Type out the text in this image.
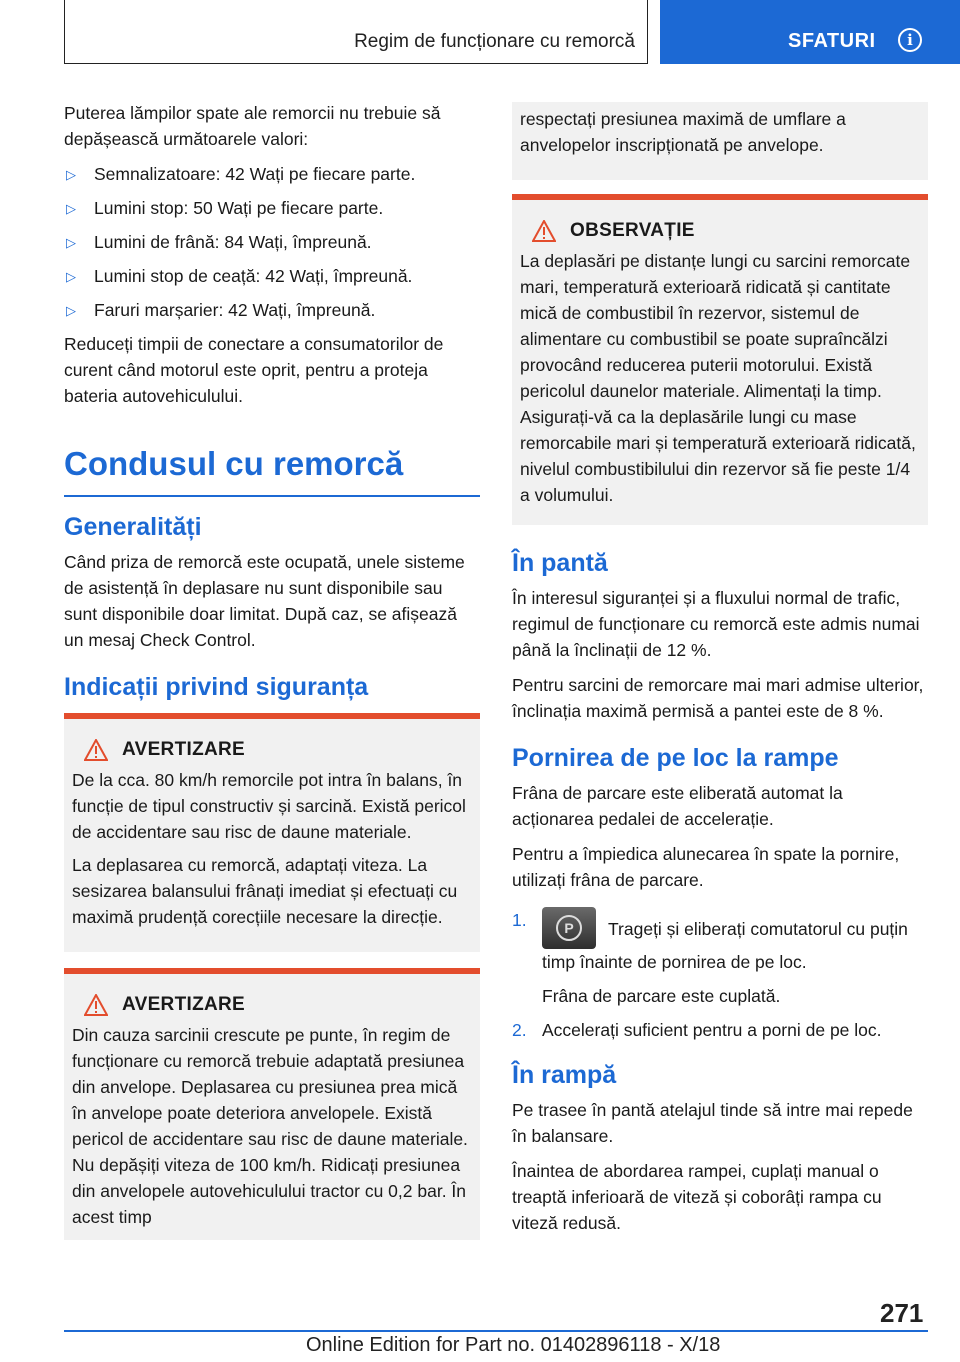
Regim de funcționare cu remorcă	SFATURI	i

Puterea lămpilor spate ale remorcii nu trebuie să depășească următoarele valori:

▷ Semnalizatoare: 42 Wați pe fiecare parte.
▷ Lumini stop: 50 Wați pe fiecare parte.
▷ Lumini de frână: 84 Wați, împreună.
▷ Lumini stop de ceață: 42 Wați, împreună.
▷ Faruri marșarier: 42 Wați, împreună.

Reduceți timpii de conectare a consumatorilor de curent când motorul este oprit, pentru a proteja bateria autovehiculului.

Condusul cu remorcă
Generalități

Când priza de remorcă este ocupată, unele sisteme de asistență în deplasare nu sunt disponibile sau sunt disponibile doar limitat. După caz, se afișează un mesaj Check Control.

Indicații privind siguranța
AVERTIZARE

De la cca. 80 km/h remorcile pot intra în balans, în funcție de tipul constructiv și sarcină. Există pericol de accidentare sau risc de daune materiale.

La deplasarea cu remorcă, adaptați viteza. La sesizarea balansului frânați imediat și efectuați cu maximă prudență corecțiile necesare la direcție.

AVERTIZARE

Din cauza sarcinii crescute pe punte, în regim de funcționare cu remorcă trebuie adaptată presiunea din anvelope. Deplasarea cu presiunea prea mică în anvelope poate deteriora anvelopele. Există pericol de accidentare sau risc de daune materiale. Nu depășiți viteza de 100 km/h. Ridicați presiunea din anvelopele autovehiculului tractor cu 0,2 bar. În acest timp

respectați presiunea maximă de umflare a anvelopelor inscripționată pe anvelope.

OBSERVAȚIE

La deplasări pe distanțe lungi cu sarcini remorcate mari, temperatură exterioară ridicată și cantitate mică de combustibil în rezervor, sistemul de alimentare cu combustibil se poate supraîncălzi provocând reducerea puterii motorului. Există pericolul daunelor materiale. Alimentați la timp. Asigurați-vă ca la deplasările lungi cu mase remorcabile mari și temperatură exterioară ridicată, nivelul combustibilului din rezervor să fie peste 1/4 a volumului.

În pantă

În interesul siguranței și a fluxului normal de trafic, regimul de funcționare cu remorcă este admis numai până la înclinații de 12 %.

Pentru sarcini de remorcare mai mari admise ulterior, înclinația maximă permisă a pantei este de 8 %.

Pornirea de pe loc la rampe

Frâna de parcare este eliberată automat la acționarea pedalei de accelerație.

Pentru a împiedica alunecarea în spate la pornire, utilizați frâna de parcare.

1.	P	Trageți și eliberați comutatorul cu puțin timp înainte de pornirea de pe loc.
Frâna de parcare este cuplată.
2. Accelerați suficient pentru a porni de pe loc.
În rampă

Pe trasee în pantă atelajul tinde să intre mai repede în balansare.

Înaintea de abordarea rampei, cuplați manual o treaptă inferioară de viteză și coborâți rampa cu viteză redusă.

271
Online Edition for Part no. 01402896118 - X/18
